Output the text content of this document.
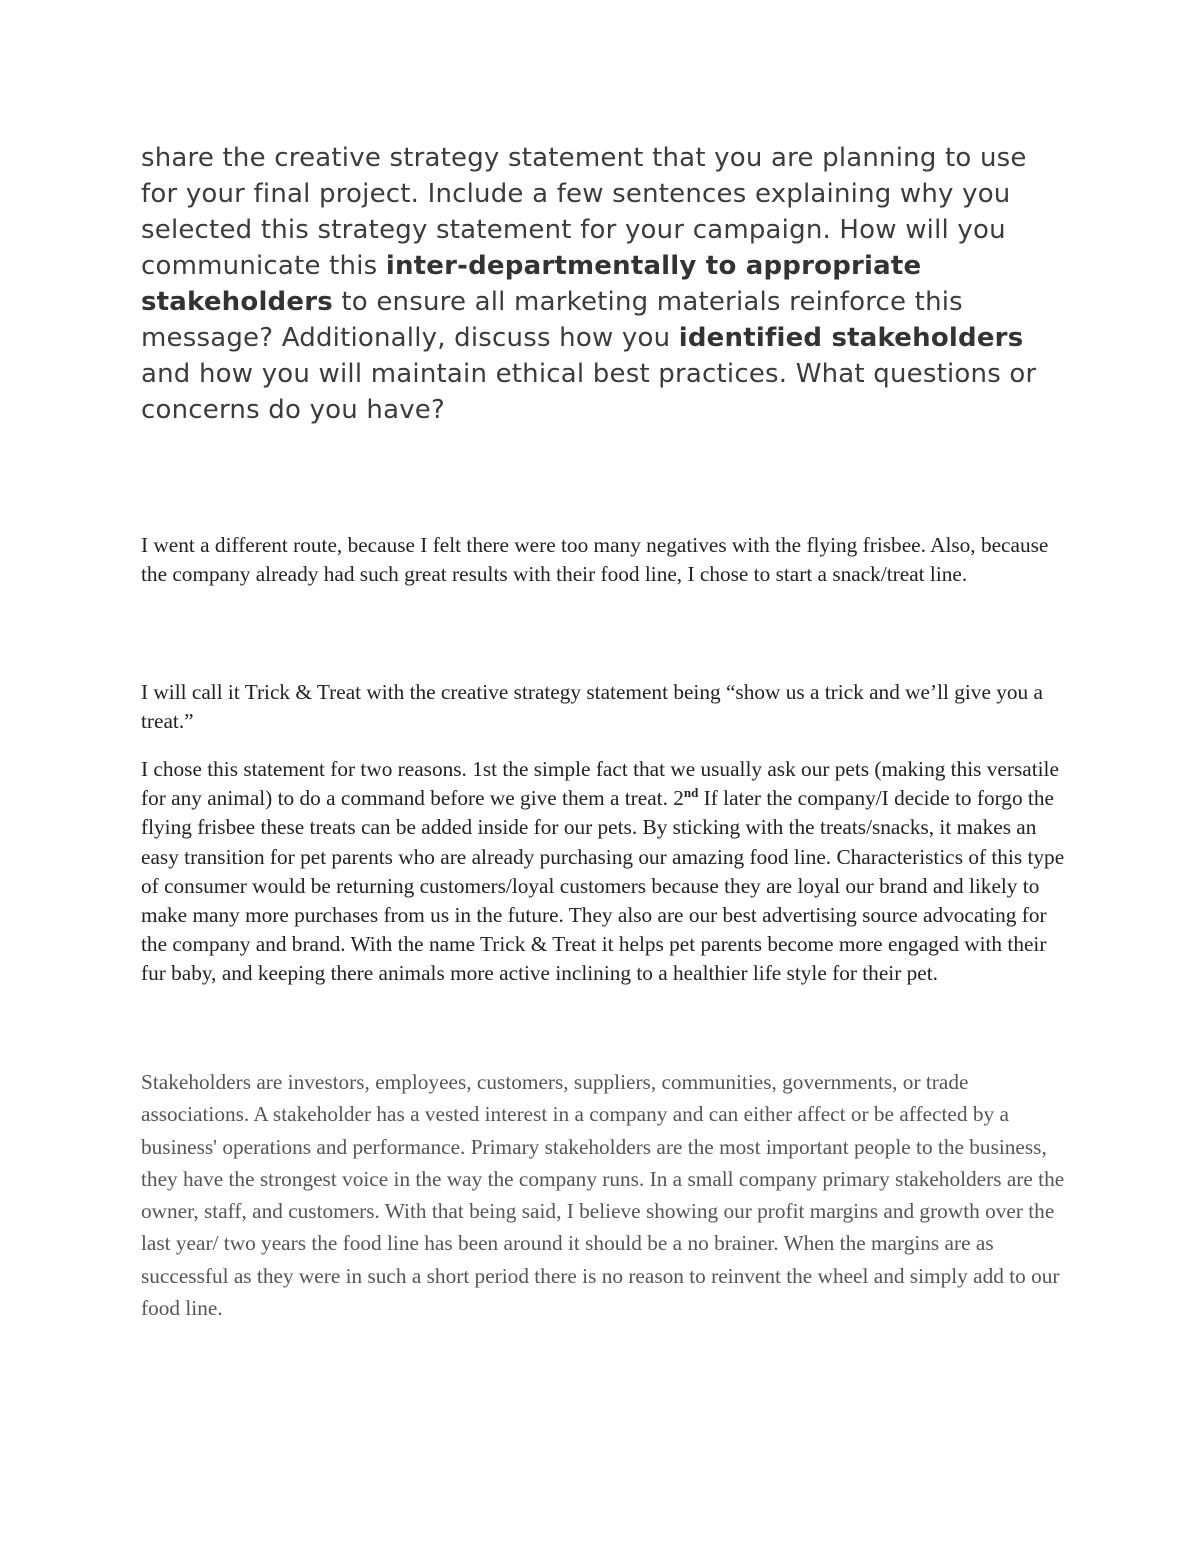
share the creative strategy statement that you are planning to use for your final project. Include a few sentences explaining why you selected this strategy statement for your campaign. How will you communicate this inter-departmentally to appropriate stakeholders to ensure all marketing materials reinforce this message? Additionally, discuss how you identified stakeholders and how you will maintain ethical best practices. What questions or concerns do you have?

I went a different route, because I felt there were too many negatives with the flying frisbee. Also, because the company already had such great results with their food line, I chose to start a snack/treat line.

I will call it Trick & Treat with the creative strategy statement being “show us a trick and we’ll give you a treat.”

I chose this statement for two reasons. 1st the simple fact that we usually ask our pets (making this versatile for any animal) to do a command before we give them a treat. 2nd If later the company/I decide to forgo the flying frisbee these treats can be added inside for our pets. By sticking with the treats/snacks, it makes an easy transition for pet parents who are already purchasing our amazing food line. Characteristics of this type of consumer would be returning customers/loyal customers because they are loyal our brand and likely to make many more purchases from us in the future. They also are our best advertising source advocating for the company and brand. With the name Trick & Treat it helps pet parents become more engaged with their fur baby, and keeping there animals more active inclining to a healthier life style for their pet.

Stakeholders are investors, employees, customers, suppliers, communities, governments, or trade associations. A stakeholder has a vested interest in a company and can either affect or be affected by a business' operations and performance. Primary stakeholders are the most important people to the business, they have the strongest voice in the way the company runs. In a small company primary stakeholders are the owner, staff, and customers. With that being said, I believe showing our profit margins and growth over the last year/ two years the food line has been around it should be a no brainer. When the margins are as successful as they were in such a short period there is no reason to reinvent the wheel and simply add to our food line.
